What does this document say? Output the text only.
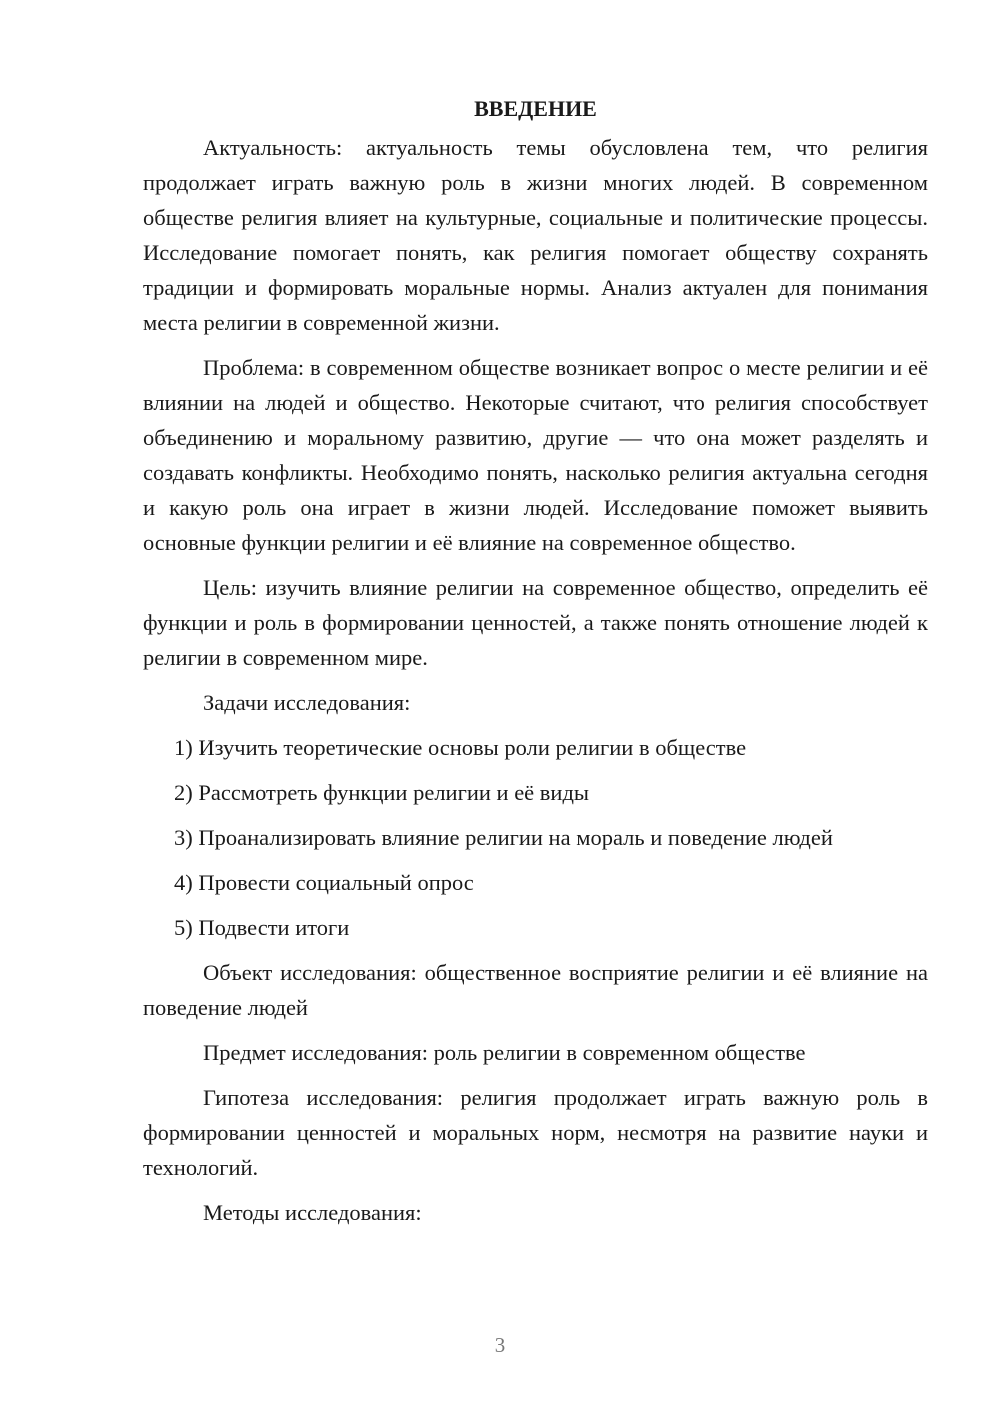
ВВЕДЕНИЕ

Актуальность: актуальность темы обусловлена тем, что религия продолжает играть важную роль в жизни многих людей. В современном обществе религия влияет на культурные, социальные и политические процессы. Исследование помогает понять, как религия помогает обществу сохранять традиции и формировать моральные нормы. Анализ актуален для понимания места религии в современной жизни.

Проблема: в современном обществе возникает вопрос о месте религии и её влиянии на людей и общество. Некоторые считают, что религия способствует объединению и моральному развитию, другие — что она может разделять и создавать конфликты. Необходимо понять, насколько религия актуальна сегодня и какую роль она играет в жизни людей. Исследование поможет выявить основные функции религии и её влияние на современное общество.

Цель: изучить влияние религии на современное общество, определить её функции и роль в формировании ценностей, а также понять отношение людей к религии в современном мире.

Задачи исследования:

1) Изучить теоретические основы роли религии в обществе
2) Рассмотреть функции религии и её виды
3) Проанализировать влияние религии на мораль и поведение людей
4) Провести социальный опрос
5) Подвести итоги

Объект исследования: общественное восприятие религии и её влияние на поведение людей

Предмет исследования: роль религии в современном обществе

Гипотеза исследования: религия продолжает играть важную роль в формировании ценностей и моральных норм, несмотря на развитие науки и технологий.

Методы исследования:

3
